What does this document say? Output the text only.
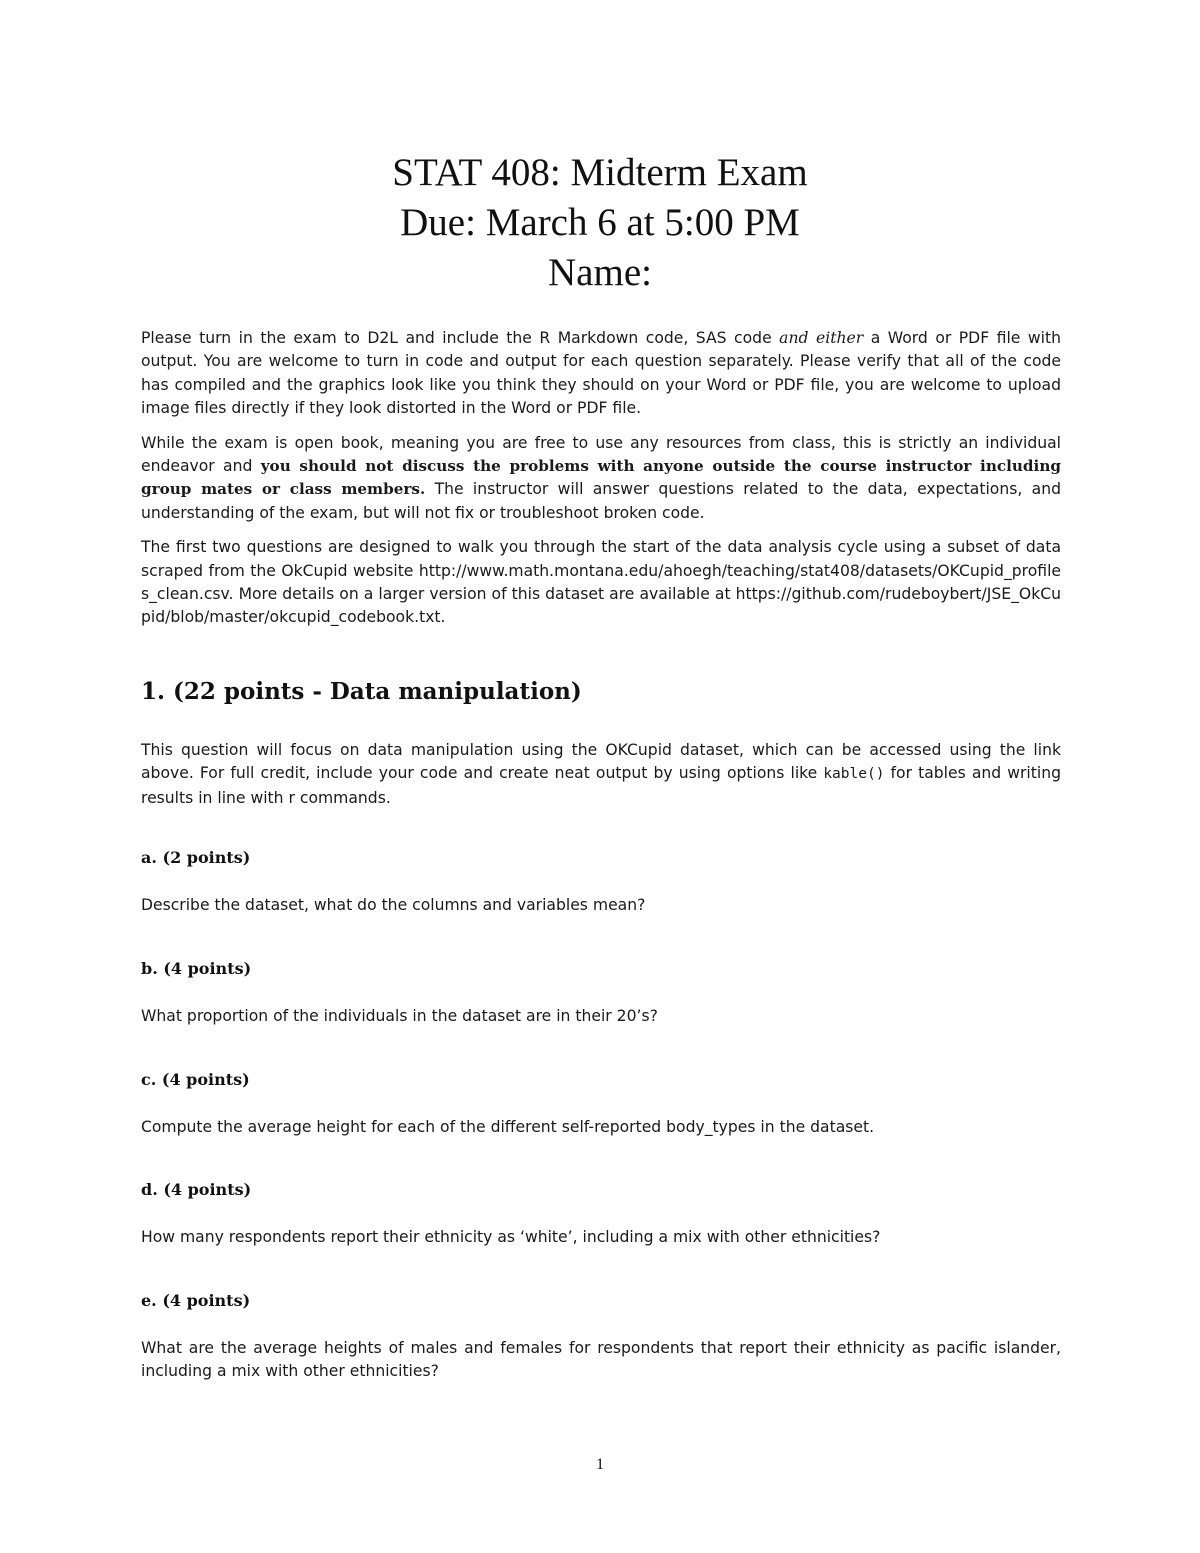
STAT 408: Midterm Exam
Due: March 6 at 5:00 PM
Name:

Please turn in the exam to D2L and include the R Markdown code, SAS code and either a Word or PDF file with output. You are welcome to turn in code and output for each question separately. Please verify that all of the code has compiled and the graphics look like you think they should on your Word or PDF file, you are welcome to upload image files directly if they look distorted in the Word or PDF file.

While the exam is open book, meaning you are free to use any resources from class, this is strictly an individual endeavor and you should not discuss the problems with anyone outside the course instructor including group mates or class members. The instructor will answer questions related to the data, expectations, and understanding of the exam, but will not fix or troubleshoot broken code.

The first two questions are designed to walk you through the start of the data analysis cycle using a subset of data scraped from the OkCupid website http://www.math.montana.edu/ahoegh/teaching/stat408/datasets/OKCupid_profiles_clean.csv. More details on a larger version of this dataset are available at https://github.com/rudeboybert/JSE_OkCupid/blob/master/okcupid_codebook.txt.

1. (22 points - Data manipulation)

This question will focus on data manipulation using the OKCupid dataset, which can be accessed using the link above. For full credit, include your code and create neat output by using options like kable() for tables and writing results in line with r commands.

a. (2 points)

Describe the dataset, what do the columns and variables mean?

b. (4 points)

What proportion of the individuals in the dataset are in their 20’s?

c. (4 points)

Compute the average height for each of the different self-reported body_types in the dataset.

d. (4 points)

How many respondents report their ethnicity as ‘white’, including a mix with other ethnicities?

e. (4 points)

What are the average heights of males and females for respondents that report their ethnicity as pacific islander, including a mix with other ethnicities?

1
